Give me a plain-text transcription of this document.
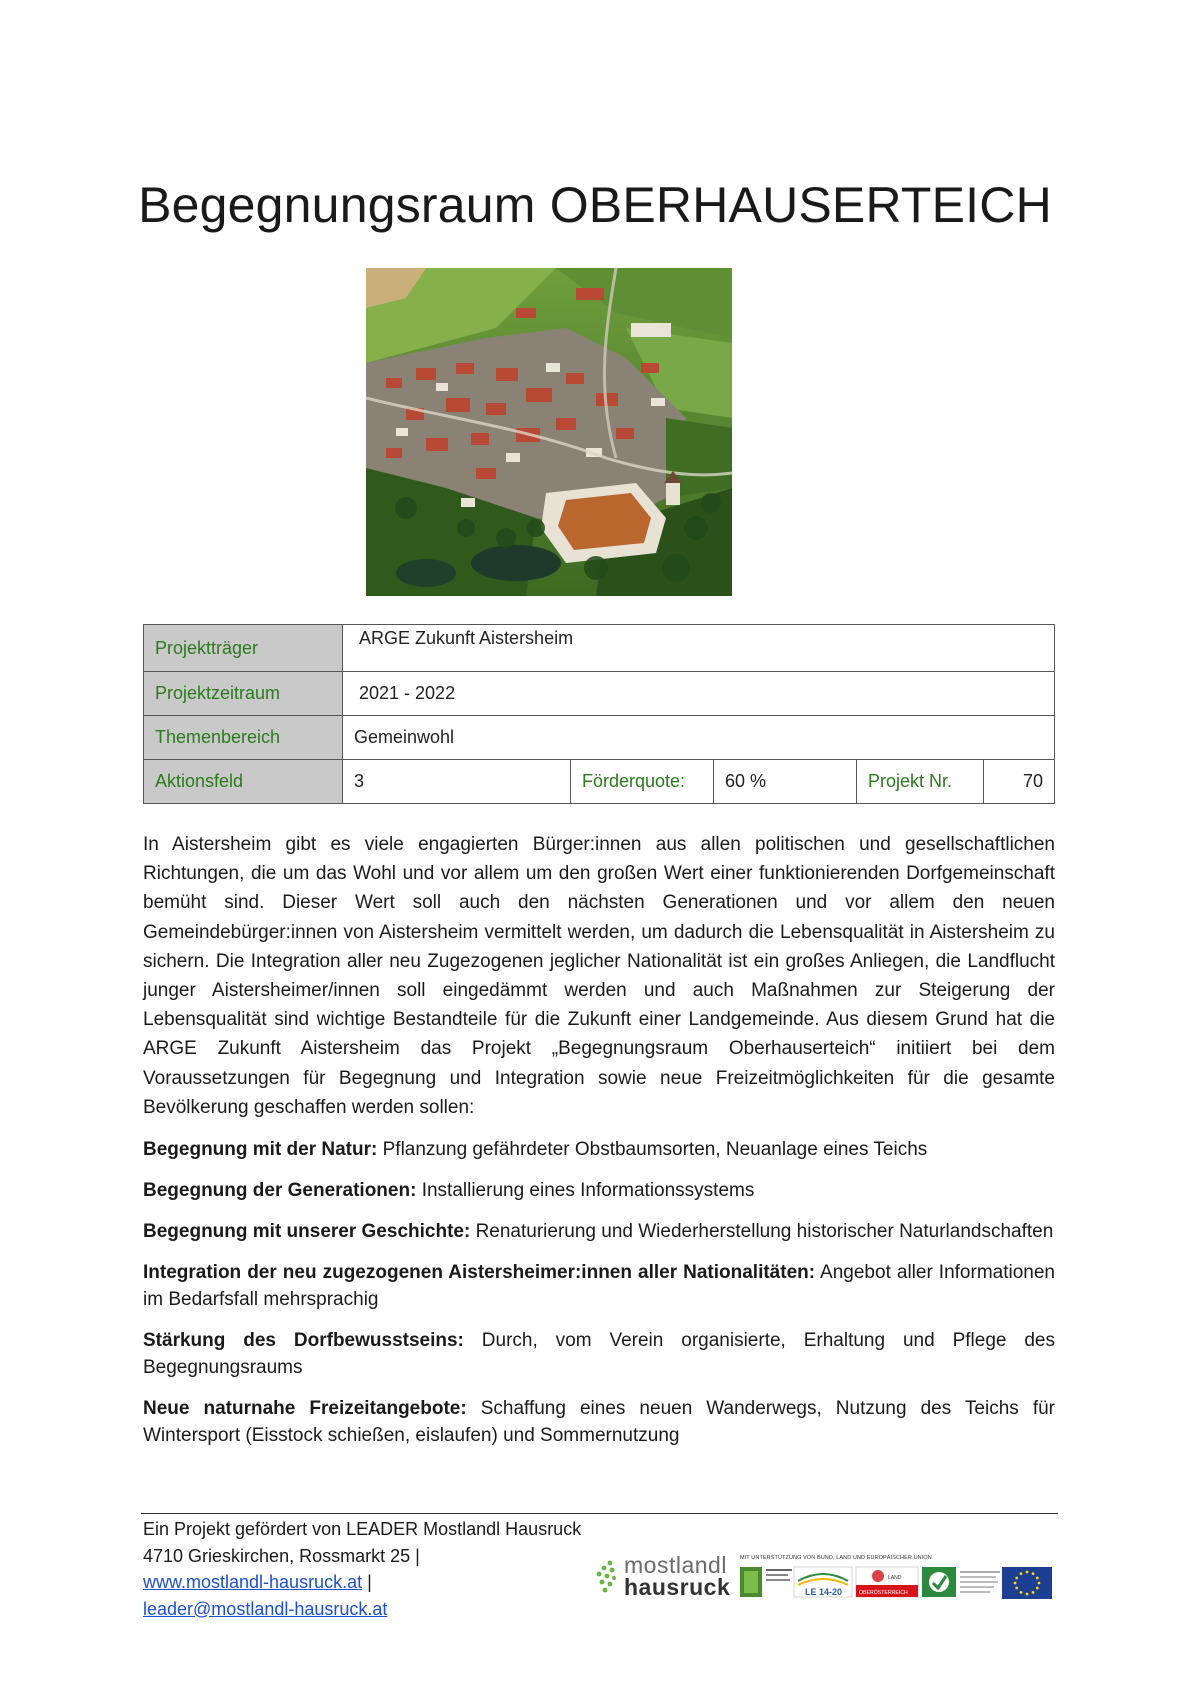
Begegnungsraum OBERHAUSERTEICH
Projektträger	ARGE Zukunft Aistersheim				
Projektzeitraum	2021 - 2022				
Themenbereich	Gemeinwohl				
Aktionsfeld	3	Förderquote:	60 %	Projekt Nr.	70
In Aistersheim gibt es viele engagierten Bürger:innen aus allen politischen und gesellschaftlichen Richtungen, die um das Wohl und vor allem um den großen Wert einer funktionierenden Dorfgemeinschaft bemüht sind. Dieser Wert soll auch den nächsten Generationen und vor allem den neuen Gemeindebürger:innen von Aistersheim vermittelt werden, um dadurch die Lebensqualität in Aistersheim zu sichern. Die Integration aller neu Zugezogenen jeglicher Nationalität ist ein großes Anliegen, die Landflucht junger Aistersheimer/innen soll eingedämmt werden und auch Maßnahmen zur Steigerung der Lebensqualität sind wichtige Bestandteile für die Zukunft einer Landgemeinde. Aus diesem Grund hat die ARGE Zukunft Aistersheim das Projekt „Begegnungsraum Oberhauserteich“ initiiert bei dem Voraussetzungen für Begegnung und Integration sowie neue Freizeitmöglichkeiten für die gesamte Bevölkerung geschaffen werden sollen:

Begegnung mit der Natur: Pflanzung gefährdeter Obstbaumsorten, Neuanlage eines Teichs

Begegnung der Generationen: Installierung eines Informationssystems

Begegnung mit unserer Geschichte: Renaturierung und Wiederherstellung historischer Naturlandschaften

Integration der neu zugezogenen Aistersheimer:innen aller Nationalitäten: Angebot aller Informationen im Bedarfsfall mehrsprachig

Stärkung des Dorfbewusstseins: Durch, vom Verein organisierte, Erhaltung und Pflege des Begegnungsraums

Neue naturnahe Freizeitangebote: Schaffung eines neuen Wanderwegs, Nutzung des Teichs für Wintersport (Eisstock schießen, eislaufen) und Sommernutzung

Ein Projekt gefördert von LEADER Mostlandl Hausruck
4710 Grieskirchen, Rossmarkt 25 |
www.mostlandl-hausruck.at |
leader@mostlandl-hausruck.at
mostlandl
hausruck
MIT UNTERSTÜTZUNG VON BUND, LAND UND EUROPÄISCHER UNION
LE 14-20
LAND
OBERÖSTERREICH
